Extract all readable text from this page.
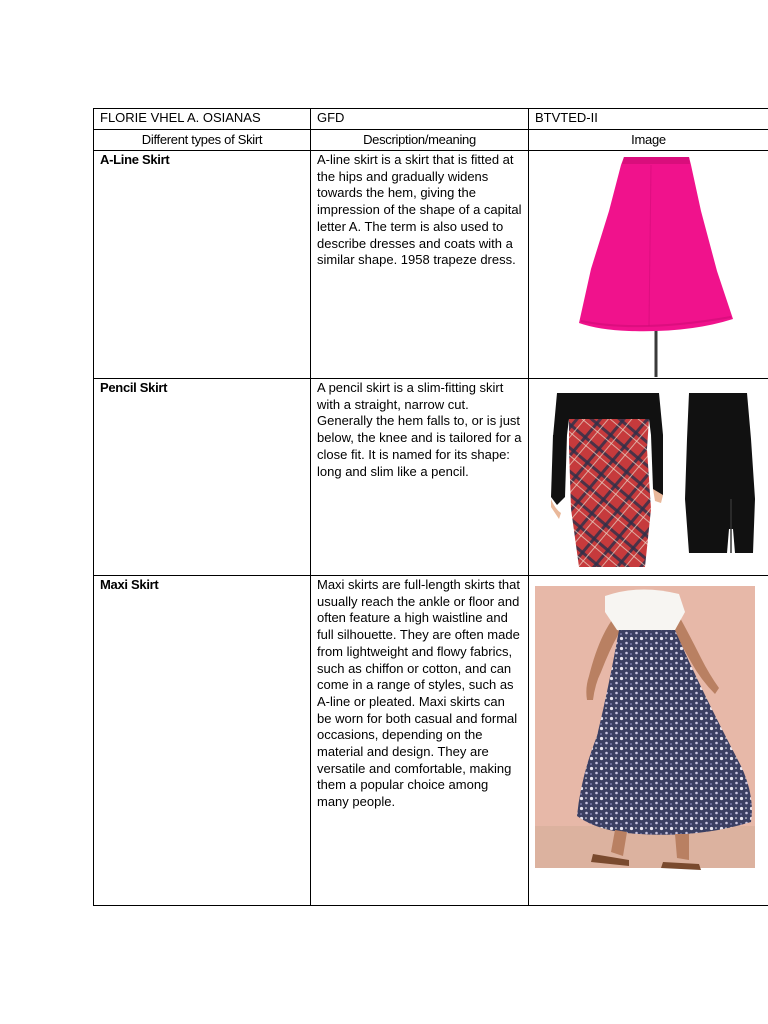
FLORIE VHEL A. OSIANAS	GFD	BTVTED-II

Different types of Skirt	Description/meaning	Image

A-Line Skirt	A-line skirt is a skirt that is fitted at the hips and gradually widens towards the hem, giving the impression of the shape of a capital letter A. The term is also used to describe dresses and coats with a similar shape. 1958 trapeze dress.

Pencil Skirt	A pencil skirt is a slim-fitting skirt with a straight, narrow cut. Generally the hem falls to, or is just below, the knee and is tailored for a close fit. It is named for its shape: long and slim like a pencil.

Maxi Skirt	Maxi skirts are full-length skirts that usually reach the ankle or floor and often feature a high waistline and full silhouette. They are often made from lightweight and flowy fabrics, such as chiffon or cotton, and can come in a range of styles, such as A-line or pleated. Maxi skirts can be worn for both casual and formal occasions, depending on the material and design. They are versatile and comfortable, making them a popular choice among many people.
